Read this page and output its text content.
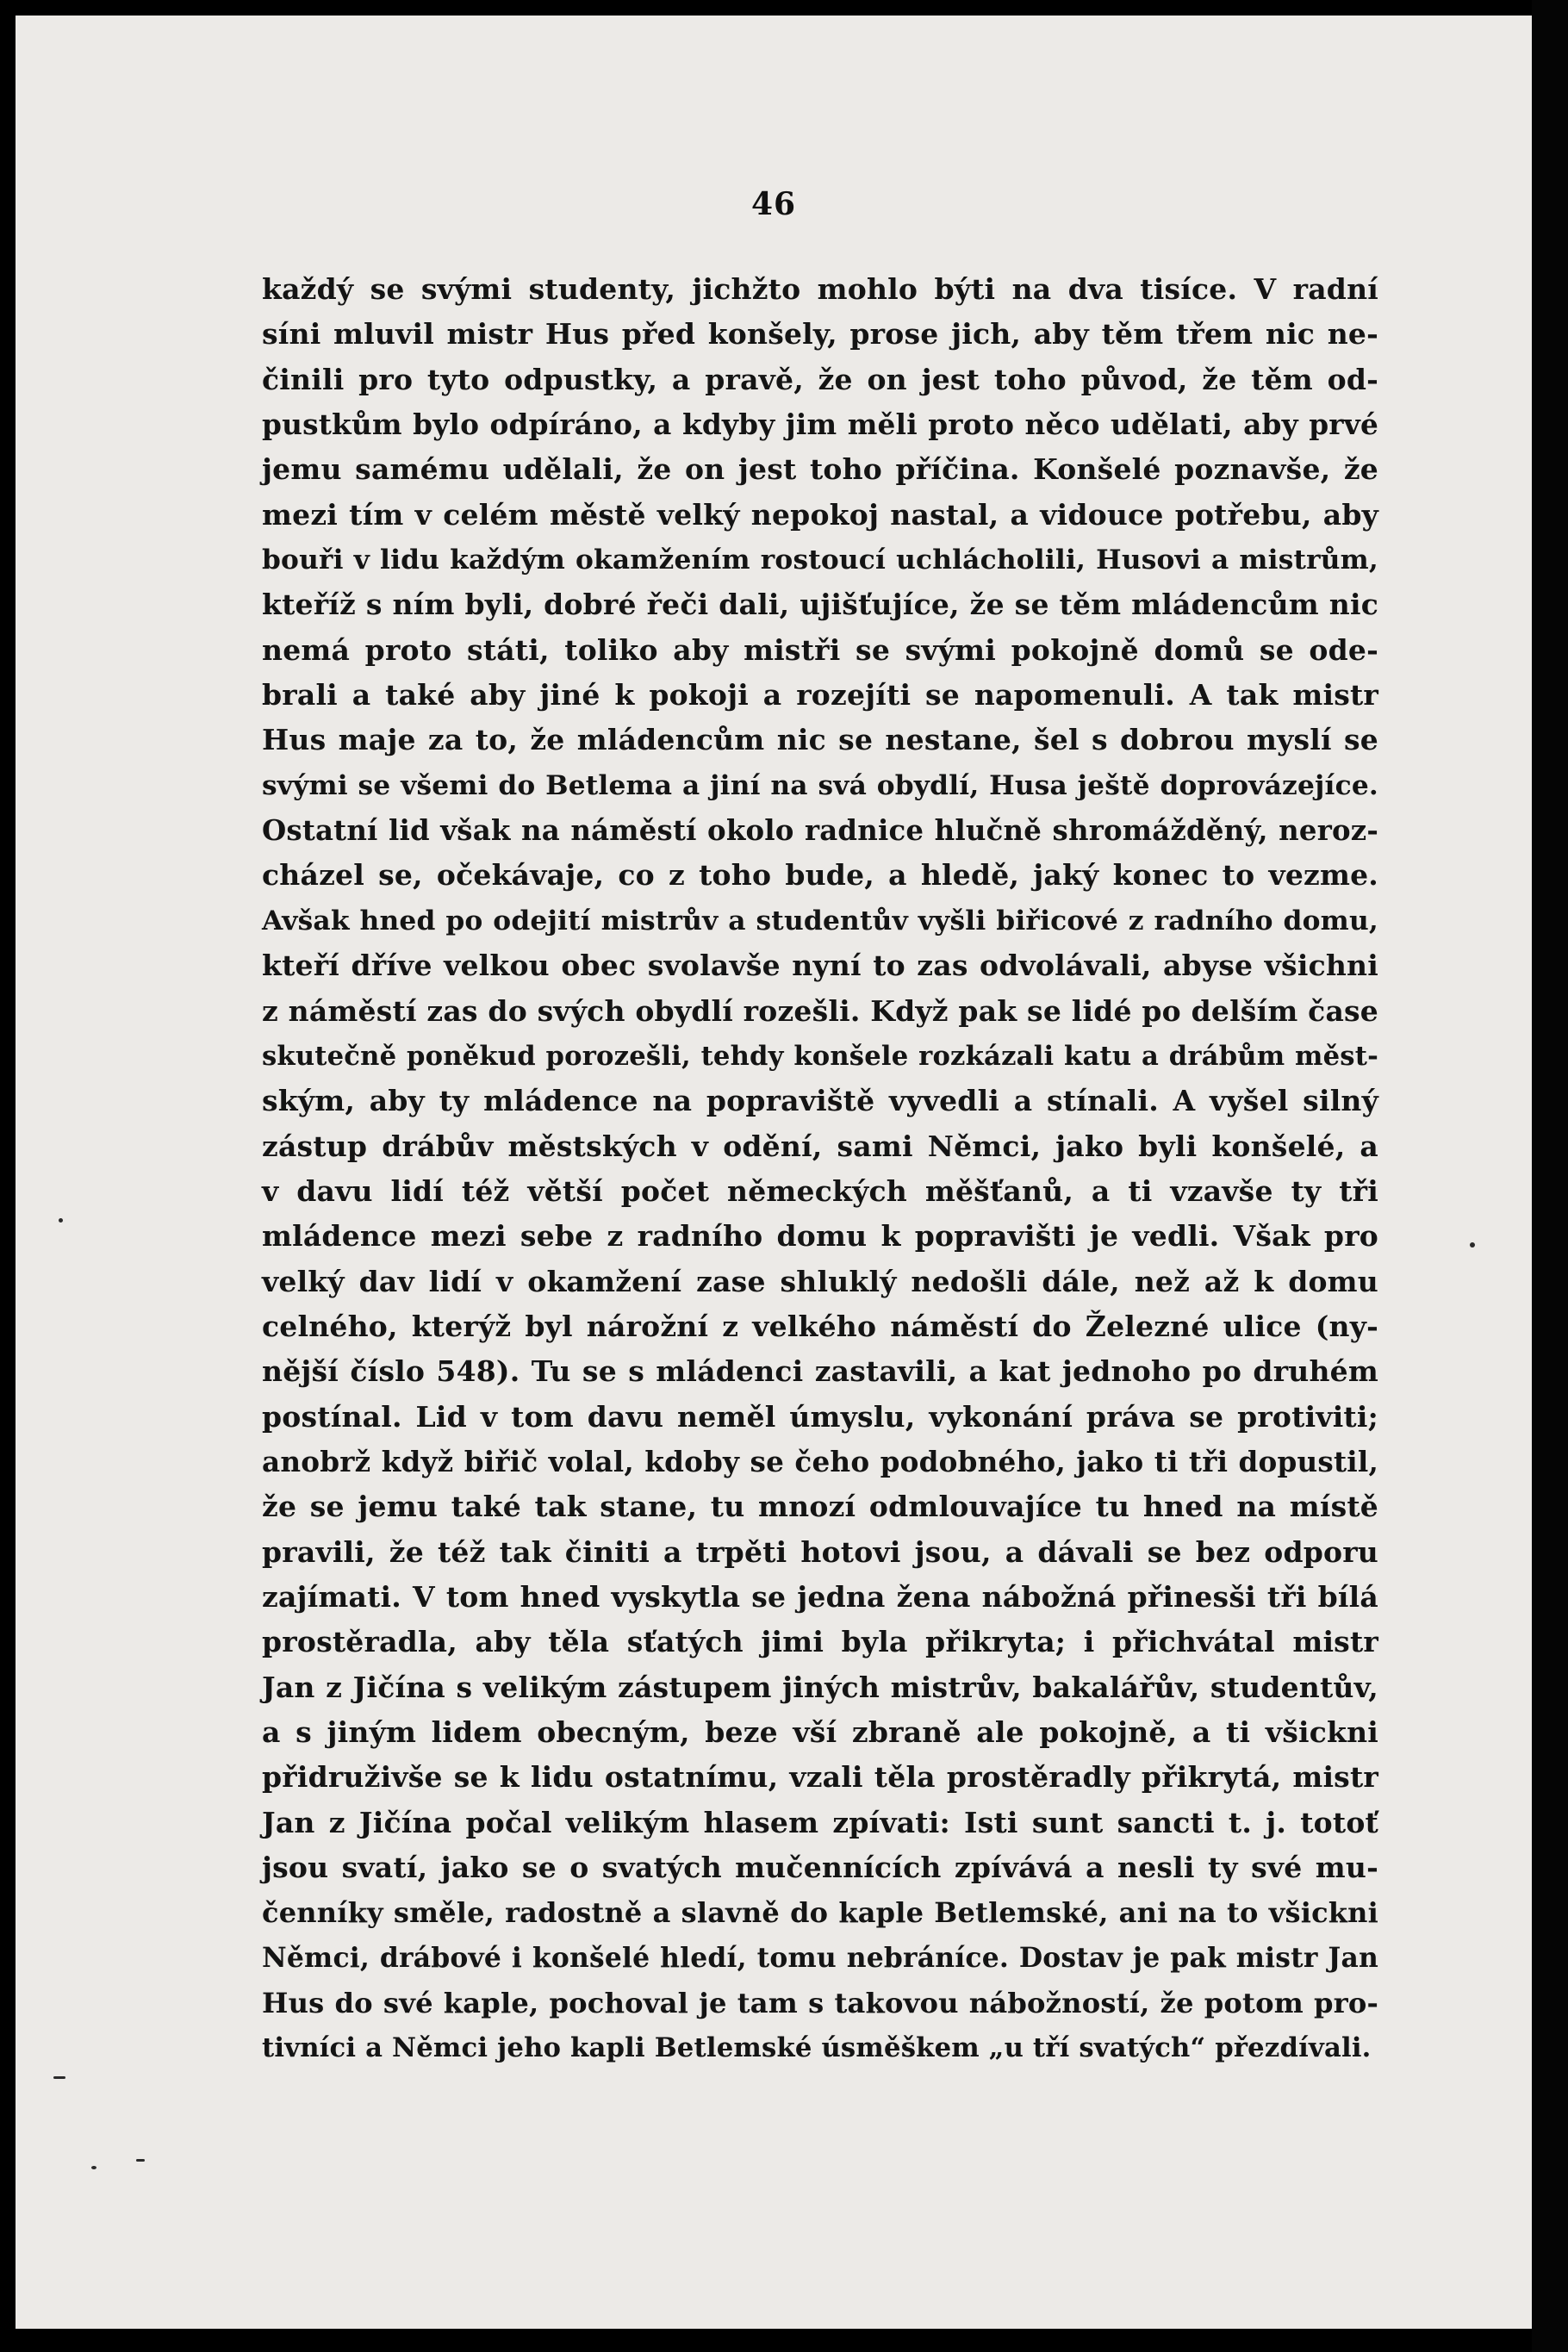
46
každý se svými studenty, jichžto mohlo býti na dva tisíce. V radní
síni mluvil mistr Hus před konšely, prose jich, aby těm třem nic ne-
činili pro tyto odpustky, a pravě, že on jest toho původ, že těm od-
pustkům bylo odpíráno, a kdyby jim měli proto něco udělati, aby prvé
jemu samému udělali, že on jest toho příčina. Konšelé poznavše, že
mezi tím v celém městě velký nepokoj nastal, a vidouce potřebu, aby
bouři v lidu každým okamžením rostoucí uchlácholili, Husovi a mistrům,
kteříž s ním byli, dobré řeči dali, ujišťujíce, že se těm mládencům nic
nemá proto státi, toliko aby mistři se svými pokojně domů se ode-
brali a také aby jiné k pokoji a rozejíti se napomenuli. A tak mistr
Hus maje za to, že mládencům nic se nestane, šel s dobrou myslí se
svými se všemi do Betlema a jiní na svá obydlí, Husa ještě doprovázejíce.
Ostatní lid však na náměstí okolo radnice hlučně shromážděný, neroz-
cházel se, očekávaje, co z toho bude, a hledě, jaký konec to vezme.
Avšak hned po odejití mistrův a studentův vyšli biřicové z radního domu,
kteří dříve velkou obec svolavše nyní to zas odvolávali, abyse všichni
z náměstí zas do svých obydlí rozešli. Když pak se lidé po delším čase
skutečně poněkud porozešli, tehdy konšele rozkázali katu a drábům měst-
ským, aby ty mládence na popraviště vyvedli a stínali. A vyšel silný
zástup drábův městských v odění, sami Němci, jako byli konšelé, a
v davu lidí též větší počet německých měšťanů, a ti vzavše ty tři
mládence mezi sebe z radního domu k popravišti je vedli. Však pro
velký dav lidí v okamžení zase shluklý nedošli dále, než až k domu
celného, kterýž byl nárožní z velkého náměstí do Železné ulice (ny-
nější číslo 548). Tu se s mládenci zastavili, a kat jednoho po druhém
postínal. Lid v tom davu neměl úmyslu, vykonání práva se protiviti;
anobrž když biřič volal, kdoby se čeho podobného, jako ti tři dopustil,
že se jemu také tak stane, tu mnozí odmlouvajíce tu hned na místě
pravili, že též tak činiti a trpěti hotovi jsou, a dávali se bez odporu
zajímati. V tom hned vyskytla se jedna žena nábožná přinesši tři bílá
prostěradla, aby těla sťatých jimi byla přikryta; i přichvátal mistr
Jan z Jičína s velikým zástupem jiných mistrův, bakalářův, studentův,
a s jiným lidem obecným, beze vší zbraně ale pokojně, a ti všickni
přidruživše se k lidu ostatnímu, vzali těla prostěradly přikrytá, mistr
Jan z Jičína počal velikým hlasem zpívati: Isti sunt sancti t. j. totoť
jsou svatí, jako se o svatých mučennících zpívává a nesli ty své mu-
čenníky směle, radostně a slavně do kaple Betlemské, ani na to všickni
Němci, drábové i konšelé hledí, tomu nebráníce. Dostav je pak mistr Jan
Hus do své kaple, pochoval je tam s takovou nábožností, že potom pro-
tivníci a Němci jeho kapli Betlemské úsměškem „u tří svatých“ přezdívali.
